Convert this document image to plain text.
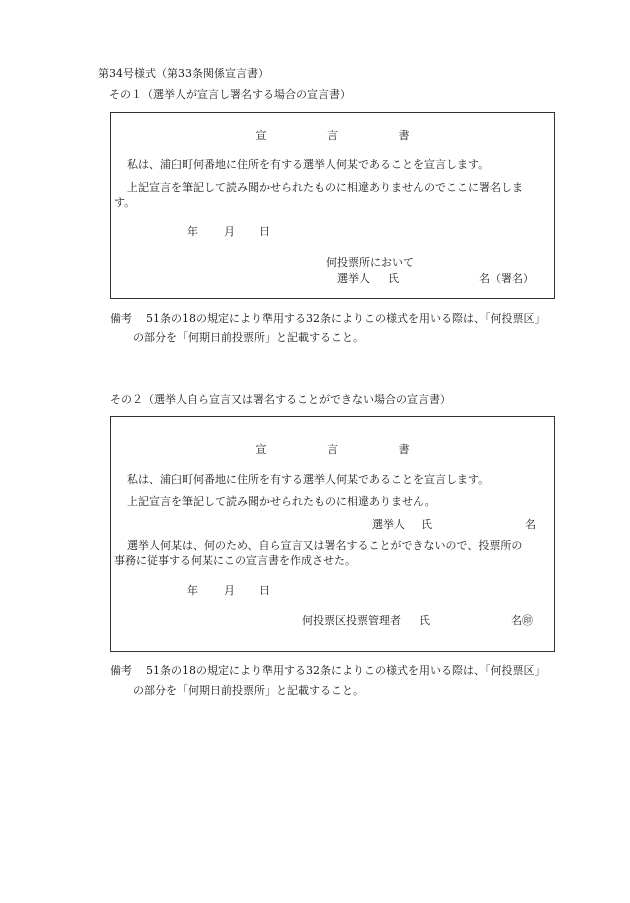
第34号様式（第33条関係宣言書）
その１（選挙人が宣言し署名する場合の宣言書）
宣	言	書
私は、浦臼町何番地に住所を有する選挙人何某であることを宣言します。
上記宣言を筆記して読み聞かせられたものに相違ありませんのでここに署名しま
す。
年 月 日
何投票所において
選挙人 氏	名（署名）
備考 51条の18の規定により準用する32条によりこの様式を用いる際は、「何投票区」
の部分を「何期日前投票所」と記載すること。
その２（選挙人自ら宣言又は署名することができない場合の宣言書）
宣	言	書
私は、浦臼町何番地に住所を有する選挙人何某であることを宣言します。
上記宣言を筆記して読み聞かせられたものに相違ありません。
選挙人 氏	名
選挙人何某は、何のため、自ら宣言又は署名することができないので、投票所の
事務に従事する何某にこの宣言書を作成させた。
年 月 日
何投票区投票管理者 氏	名㊞
備考 51条の18の規定により準用する32条によりこの様式を用いる際は、「何投票区」
の部分を「何期日前投票所」と記載すること。
